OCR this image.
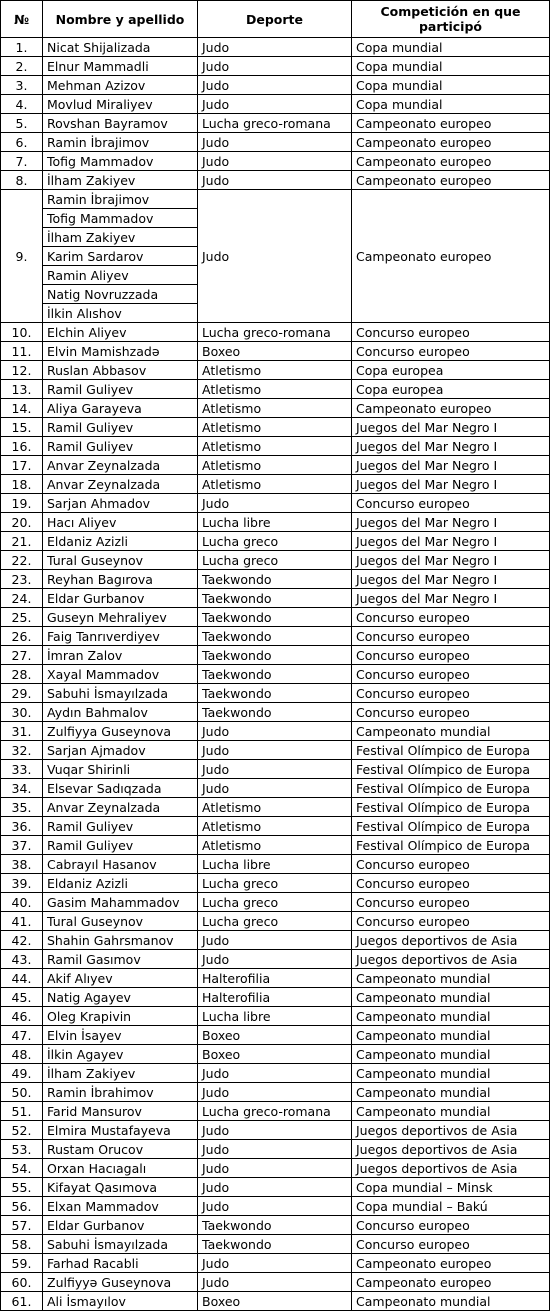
№	Nombre y apellido	Deporte	Competición en que participó
1.	Nicat Shijalizada	Judo	Copa mundial
2.	Elnur Mammadli	Judo	Copa mundial
3.	Mehman Azizov	Judo	Copa mundial
4.	Movlud Miraliyev	Judo	Copa mundial
5.	Rovshan Bayramov	Lucha greco-romana	Campeonato europeo
6.	Ramin İbrajimov	Judo	Campeonato europeo
7.	Tofig Mammadov	Judo	Campeonato europeo
8.	İlham Zakiyev	Judo	Campeonato europeo
9.	Ramin İbrajimov	Judo	Campeonato europeo
	Tofig Mammadov		
	İlham Zakiyev		
	Karim Sardarov		
	Ramin Aliyev		
	Natig Novruzzada		
	İlkin Alıshov		
10.	Elchin Aliyev	Lucha greco-romana	Concurso europeo
11.	Elvin Mamishzadə	Boxeo	Concurso europeo
12.	Ruslan Abbasov	Atletismo	Copa europea
13.	Ramil Guliyev	Atletismo	Copa europea
14.	Aliya Garayeva	Atletismo	Campeonato europeo
15.	Ramil Guliyev	Atletismo	Juegos del Mar Negro I
16.	Ramil Guliyev	Atletismo	Juegos del Mar Negro I
17.	Anvar Zeynalzada	Atletismo	Juegos del Mar Negro I
18.	Anvar Zeynalzada	Atletismo	Juegos del Mar Negro I
19.	Sarjan Ahmadov	Judo	Concurso europeo
20.	Hacı Aliyev	Lucha libre	Juegos del Mar Negro I
21.	Eldaniz Azizli	Lucha greco	Juegos del Mar Negro I
22.	Tural Guseynov	Lucha greco	Juegos del Mar Negro I
23.	Reyhan Bagırova	Taekwondo	Juegos del Mar Negro I
24.	Eldar Gurbanov	Taekwondo	Juegos del Mar Negro I
25.	Guseyn Mehraliyev	Taekwondo	Concurso europeo
26.	Faig Tanrıverdiyev	Taekwondo	Concurso europeo
27.	İmran Zalov	Taekwondo	Concurso europeo
28.	Xayal Mammadov	Taekwondo	Concurso europeo
29.	Sabuhi İsmayılzada	Taekwondo	Concurso europeo
30.	Aydın Bahmalov	Taekwondo	Concurso europeo
31.	Zulfiyya Guseynova	Judo	Campeonato mundial
32.	Sarjan Ajmadov	Judo	Festival Olímpico de Europa
33.	Vuqar Shirinli	Judo	Festival Olímpico de Europa
34.	Elsevar Sadıqzada	Judo	Festival Olímpico de Europa
35.	Anvar Zeynalzada	Atletismo	Festival Olímpico de Europa
36.	Ramil Guliyev	Atletismo	Festival Olímpico de Europa
37.	Ramil Guliyev	Atletismo	Festival Olímpico de Europa
38.	Cabrayıl Hasanov	Lucha libre	Concurso europeo
39.	Eldaniz Azizli	Lucha greco	Concurso europeo
40.	Gasim Mahammadov	Lucha greco	Concurso europeo
41.	Tural Guseynov	Lucha greco	Concurso europeo
42.	Shahin Gahrsmanov	Judo	Juegos deportivos de Asia
43.	Ramil Gasımov	Judo	Juegos deportivos de Asia
44.	Akif Alıyev	Halterofilia	Campeonato mundial
45.	Natig Agayev	Halterofilia	Campeonato mundial
46.	Oleg Krapivin	Lucha libre	Campeonato mundial
47.	Elvin İsayev	Boxeo	Campeonato mundial
48.	İlkin Agayev	Boxeo	Campeonato mundial
49.	İlham Zakiyev	Judo	Campeonato mundial
50.	Ramin İbrahimov	Judo	Campeonato mundial
51.	Farid Mansurov	Lucha greco-romana	Campeonato mundial
52.	Elmira Mustafayeva	Judo	Juegos deportivos de Asia
53.	Rustam Orucov	Judo	Juegos deportivos de Asia
54.	Orxan Hacıagalı	Judo	Juegos deportivos de Asia
55.	Kifayat Qasımova	Judo	Copa mundial – Minsk
56.	Elxan Mammadov	Judo	Copa mundial – Bakú
57.	Eldar Gurbanov	Taekwondo	Concurso europeo
58.	Sabuhi İsmayılzada	Taekwondo	Concurso europeo
59.	Farhad Racabli	Judo	Campeonato europeo
60.	Zulfiyyə Guseynova	Judo	Campeonato europeo
61.	Ali İsmayılov	Boxeo	Campeonato mundial
